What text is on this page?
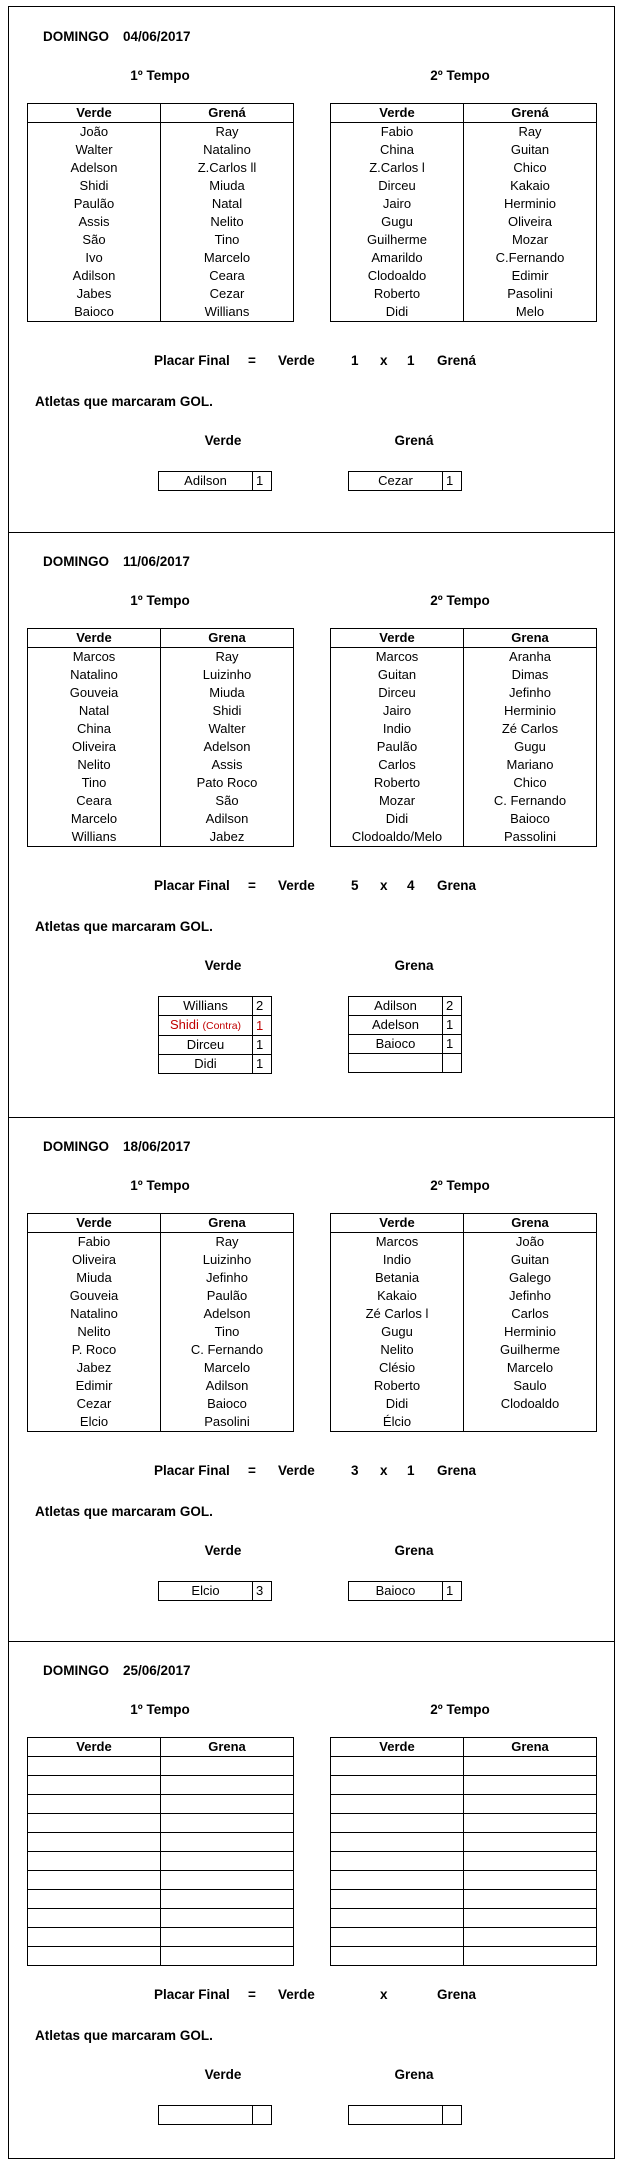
DOMINGO 04/06/2017
1º Tempo	2º Tempo
Verde	Grená
João	Ray
Walter	Natalino
Adelson	Z.Carlos ll
Shidi	Miuda
Paulão	Natal
Assis	Nelito
São	Tino
Ivo	Marcelo
Adilson	Ceara
Jabes	Cezar
Baioco	Willians
Verde	Grená
Fabio	Ray
China	Guitan
Z.Carlos l	Chico
Dirceu	Kakaio
Jairo	Herminio
Gugu	Oliveira
Guilherme	Mozar
Amarildo	C.Fernando
Clodoaldo	Edimir
Roberto	Pasolini
Didi	Melo
Placar Final = Verde	1 x 1 Grená
Atletas que marcaram GOL.
Verde	Grená
Adilson	1	Cezar	1
DOMINGO 11/06/2017
1º Tempo	2º Tempo
Verde	Grena
Marcos	Ray
Natalino	Luizinho
Gouveia	Miuda
Natal	Shidi
China	Walter
Oliveira	Adelson
Nelito	Assis
Tino	Pato Roco
Ceara	São
Marcelo	Adilson
Willians	Jabez
Verde	Grena
Marcos	Aranha
Guitan	Dimas
Dirceu	Jefinho
Jairo	Herminio
Indio	Zé Carlos
Paulão	Gugu
Carlos	Mariano
Roberto	Chico
Mozar	C. Fernando
Didi	Baioco
Clodoaldo/Melo	Passolini
Placar Final = Verde	5 x 4 Grena
Atletas que marcaram GOL.
Verde	Grena
Willians	2
Shidi (Contra)	1
Dirceu	1
Didi	1
Adilson	2
Adelson	1
Baioco	1

DOMINGO 18/06/2017
1º Tempo	2º Tempo
Verde	Grena
Fabio	Ray
Oliveira	Luizinho
Miuda	Jefinho
Gouveia	Paulão
Natalino	Adelson
Nelito	Tino
P. Roco	C. Fernando
Jabez	Marcelo
Edimir	Adilson
Cezar	Baioco
Elcio	Pasolini
Verde	Grena
Marcos	João
Indio	Guitan
Betania	Galego
Kakaio	Jefinho
Zé Carlos l	Carlos
Gugu	Herminio
Nelito	Guilherme
Clésio	Marcelo
Roberto	Saulo
Didi	Clodoaldo
Élcio	
Placar Final = Verde	3 x 1 Grena
Atletas que marcaram GOL.
Verde	Grena
Elcio	3	Baioco	1
DOMINGO 25/06/2017
1º Tempo	2º Tempo
Verde	Grena

		Verde	Grena

Placar Final = Verde	x	Grena
Atletas que marcaram GOL.
Verde	Grena
